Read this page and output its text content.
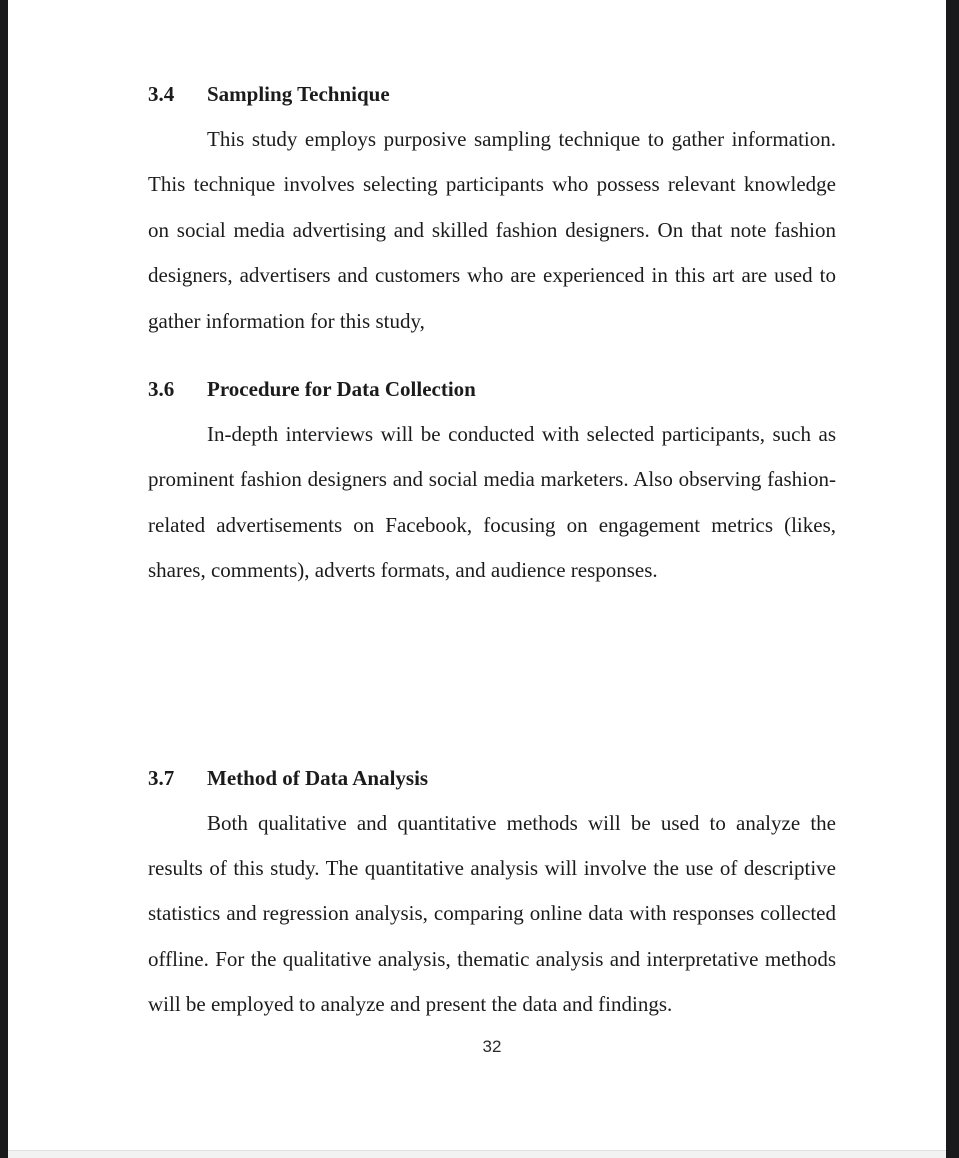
3.4 Sampling Technique

This study employs purposive sampling technique to gather information. This technique involves selecting participants who possess relevant knowledge on social media advertising and skilled fashion designers. On that note fashion designers, advertisers and customers who are experienced in this art are used to gather information for this study,

3.6 Procedure for Data Collection

In-depth interviews will be conducted with selected participants, such as prominent fashion designers and social media marketers. Also observing fashion-related advertisements on Facebook, focusing on engagement metrics (likes, shares, comments), adverts formats, and audience responses.

3.7 Method of Data Analysis

Both qualitative and quantitative methods will be used to analyze the results of this study. The quantitative analysis will involve the use of descriptive statistics and regression analysis, comparing online data with responses collected offline. For the qualitative analysis, thematic analysis and interpretative methods will be employed to analyze and present the data and findings.

32
